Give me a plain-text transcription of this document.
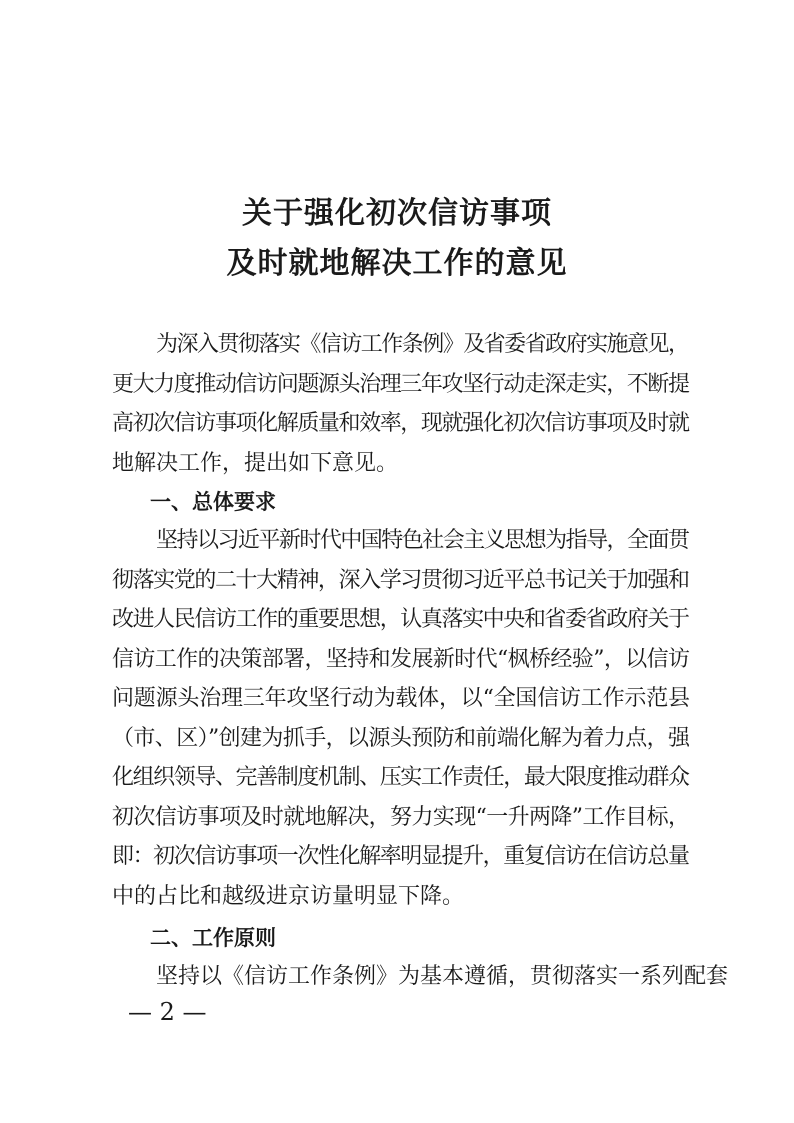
关于强化初次信访事项
及时就地解决工作的意见
为深入贯彻落实《信访工作条例》及省委省政府实施意见，
更大力度推动信访问题源头治理三年攻坚行动走深走实，不断提
高初次信访事项化解质量和效率，现就强化初次信访事项及时就
地解决工作，提出如下意见。
一、总体要求
坚持以习近平新时代中国特色社会主义思想为指导，全面贯
彻落实党的二十大精神，深入学习贯彻习近平总书记关于加强和
改进人民信访工作的重要思想，认真落实中央和省委省政府关于
信访工作的决策部署，坚持和发展新时代“枫桥经验”，以信访
问题源头治理三年攻坚行动为载体，以“全国信访工作示范县
（市、区）”创建为抓手，以源头预防和前端化解为着力点，强
化组织领导、完善制度机制、压实工作责任，最大限度推动群众
初次信访事项及时就地解决，努力实现“一升两降”工作目标，
即：初次信访事项一次性化解率明显提升，重复信访在信访总量
中的占比和越级进京访量明显下降。
二、工作原则
坚持以《信访工作条例》为基本遵循，贯彻落实一系列配套
— 2 —
